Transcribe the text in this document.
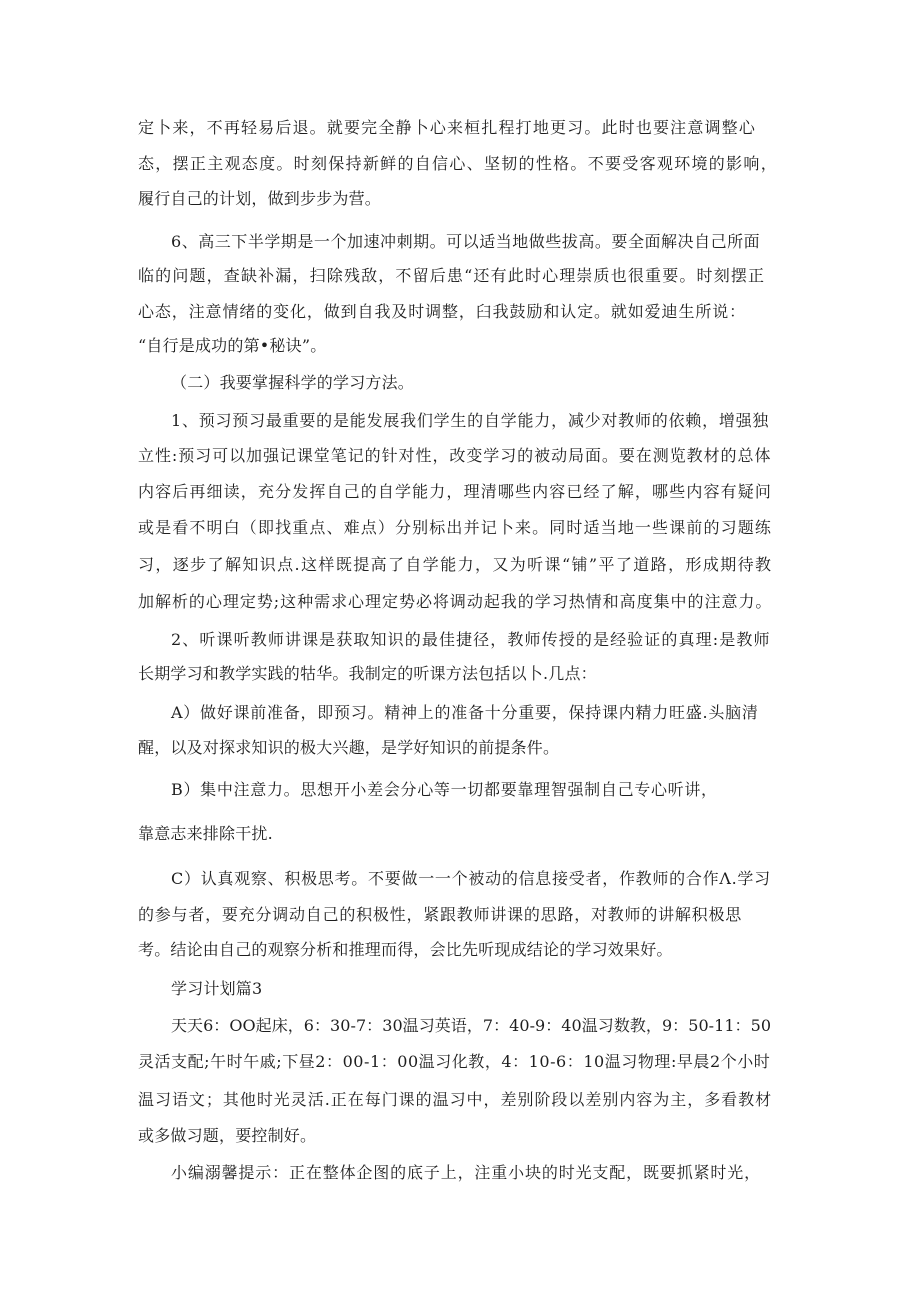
定卜来，不再轻易后退。就要完全静卜心来桓扎程打地更习。此时也要注意调整心
态，摆正主观态度。时刻保持新鲜的自信心、坚韧的性格。不要受客观环境的影响，
履行自己的计划，做到步步为营。
6、高三下半学期是一个加速冲刺期。可以适当地做些拔高。要全面解决自己所面
临的问题，查缺补漏，扫除残敌，不留后患“还有此时心理崇质也很重要。时刻摆正
心态，注意情绪的变化，做到自我及时调整，臼我鼓励和认定。就如爱迪生所说：
“自行是成功的第•秘诀”。
（二）我要掌握科学的学习方法。
1、预习预习最重要的是能发展我们学生的自学能力，减少对教师的依赖，增强独
立性:预习可以加强记课堂笔记的针对性，改变学习的被动局面。要在测览教材的总体
内容后再细读，充分发挥自己的自学能力，理清哪些内容已经了解，哪些内容有疑问
或是看不明白（即找重点、难点）分别标出并记卜来。同时适当地一些课前的习题练
习，逐步了解知识点.这样既提高了自学能力，又为听课“铺”平了道路，形成期待教
加解析的心理定势;这种需求心理定势必将调动起我的学习热情和高度集中的注意力。
2、听课听教师讲课是获取知识的最佳捷径，教师传授的是经验证的真理:是教师
长期学习和教学实践的牯华。我制定的听课方法包括以卜.几点：
A）做好课前准备，即预习。精神上的准备十分重要，保持课内精力旺盛.头脑清
醒，以及对探求知识的极大兴趣，是学好知识的前提条件。
B）集中注意力。思想开小差会分心等一切都要靠理智强制自己专心听讲，
靠意志来排除干扰.
C）认真观察、积极思考。不要做一一个被动的信息接受者，作教师的合作Λ.学习
的参与者，要充分调动自己的积极性，紧跟教师讲课的思路，对教师的讲解积极思
考。结论由自己的观察分析和推理而得，会比先听现成结论的学习效果好。
学习计划篇3
天天6：OO起床，6：30-7：30温习英语，7：40-9：40温习数教，9：50-11：50
灵活支配;午时午戚;下昼2：00-1：00温习化教，4：10-6：10温习物理:早晨2个小时
温习语文；其他时光灵活.正在每门课的温习中，差别阶段以差别内容为主，多看教材
或多做习题，要控制好。
小编溺馨提示：正在整体企图的底子上，注重小块的时光支配，既要抓紧时光，
